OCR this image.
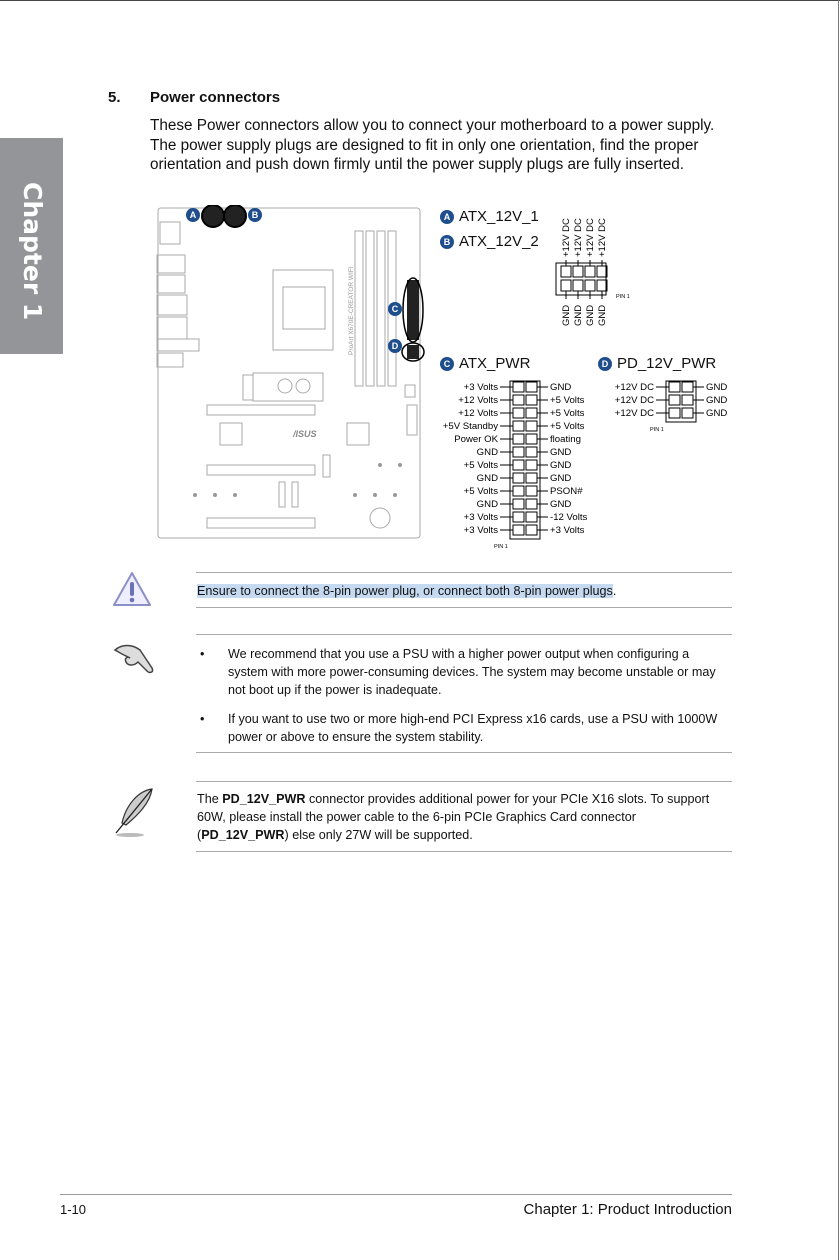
Chapter 1
5. Power connectors
These Power connectors allow you to connect your motherboard to a power supply. The power supply plugs are designed to fit in only one orientation, find the proper orientation and push down firmly until the power supply plugs are fully inserted.
/ISUS
ProArt X670E-CREATOR WIFI
A	B
C
D
A ATX_12V_1
B ATX_12V_2 +12V DC
GND
+12V DC
GND
+12V DC
GND
+12V DC
GND
PIN 1
C ATX_PWR	D PD_12V_PWR
+3 Volts	GND
+12 Volts	+5 Volts
+12 Volts	+5 Volts
+5V Standby	+5 Volts
Power OK	floating
GND	GND
+5 Volts	GND
GND	GND
+5 Volts	PSON#
GND	GND
+3 Volts	-12 Volts
+3 Volts	+3 Volts
PIN 1
+12V DC	GND
+12V DC	GND
+12V DC	GND
PIN 1
Ensure to connect the 8-pin power plug, or connect both 8-pin power plugs.
•	We recommend that you use a PSU with a higher power output when configuring a system with more power-consuming devices. The system may become unstable or may not boot up if the power is inadequate.
•	If you want to use two or more high-end PCI Express x16 cards, use a PSU with 1000W power or above to ensure the system stability.
The PD_12V_PWR connector provides additional power for your PCIe X16 slots. To support 60W, please install the power cable to the 6-pin PCIe Graphics Card connector (PD_12V_PWR) else only 27W will be supported.
1-10	Chapter 1: Product Introduction
